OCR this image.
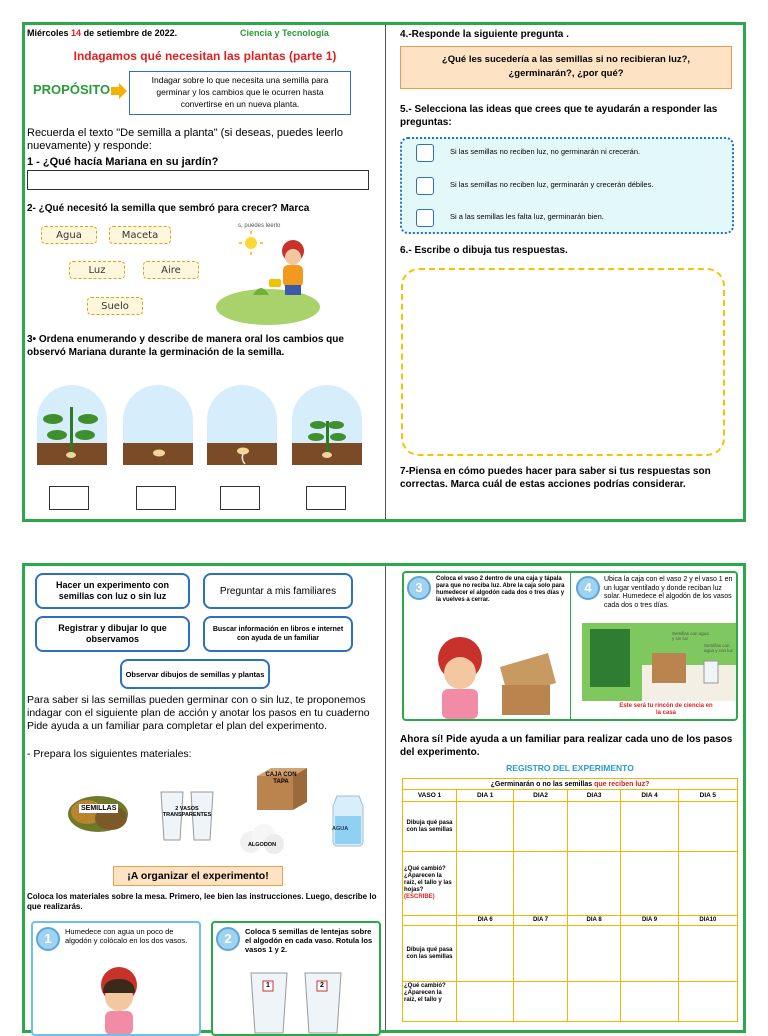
Miércoles 14 de setiembre de 2022.	Ciencia y Tecnología
Indagamos qué necesitan las plantas (parte 1)
PROPÓSITO
Indagar sobre lo que necesita una semilla para germinar y los cambios que le ocurren hasta convertirse en un nueva planta.
Recuerda el texto "De semilla a planta" (si deseas, puedes leerlo nuevamente) y responde:
1 - ¿Qué hacía Mariana en su jardín?
2- ¿Qué necesitó la semilla que sembró para crecer? Marca
s, puedes leerlo
Agua	Maceta
Luz	Aire
Suelo
3• Ordena enumerando y describe de manera oral los cambios que observó Mariana durante la germinación de la semilla.
4.-Responde la siguiente pregunta .
¿Qué les sucedería a las semillas si no recibieran luz?, ¿germinarán?, ¿por qué?
5.- Selecciona las ideas que crees que te ayudarán a responder las preguntas:
Si las semillas no reciben luz, no germinarán ni crecerán.
Si las semillas no reciben luz, germinarán y crecerán débiles.
Si a las semillas les falta luz, germinarán bien.
6.- Escribe o dibuja tus respuestas.
7-Piensa en cómo puedes hacer para saber si tus respuestas son correctas. Marca cuál de estas acciones podrías considerar.
Hacer un experimento con semillas con luz o sin luz	Preguntar a mis familiares
Registrar y dibujar lo que observamos
Buscar información en libros e internet con ayuda de un familiar
Observar dibujos de semillas y plantas
Para saber si las semillas pueden germinar con o sin luz, te proponemos indagar con el siguiente plan de acción y anotar los pasos en tu cuaderno Pide ayuda a un familiar para completar el plan del experimento.
- Prepara los siguientes materiales:
SEMILLAS	2 VASOS TRANSPARENTES
CAJA CON TAPA
ALGODON
AGUA
¡A organizar el experimento!
Coloca los materiales sobre la mesa. Primero, lee bien las instrucciones. Luego, describe lo que realizarás.
1	Humedece con agua un poco de algodón y colócalo en los dos vasos.	2	Coloca 5 semillas de lentejas sobre el algodón en cada vaso. Rotula los vasos 1 y 2.
1	2
3
Coloca el vaso 2 dentro de una caja y tápala para que no reciba luz. Abre la caja solo para humedecer el algodón cada dos o tres días y la vuelves a cerrar.
4
Ubica la caja con el vaso 2 y el vaso 1 en un lugar ventilado y donde reciban luz solar. Humedece el algodón de los vasos cada dos o tres días.
Semillas con agua y sin luz
Semillas con agua y con luz
Este será tu rincón de ciencia en la casa
Ahora sí! Pide ayuda a un familiar para realizar cada uno de los pasos del experimento.
REGISTRO DEL EXPERIMENTO
¿Germinarán o no las semillas que reciben luz?					
VASO 1	DIA 1	DIA2	DIA3	DIA 4	DIA 5
Dibuja qué pasa con las semillas					
¿Qué cambió? ¿Aparecen la raíz, el tallo y las hojas?
(ESCRIBE)					
	DIA 6	DIA 7	DIA 8	DIA 9	DIA10
Dibuja qué pasa con las semillas					
¿Qué cambió? ¿Aparecen la raíz, el tallo y					
